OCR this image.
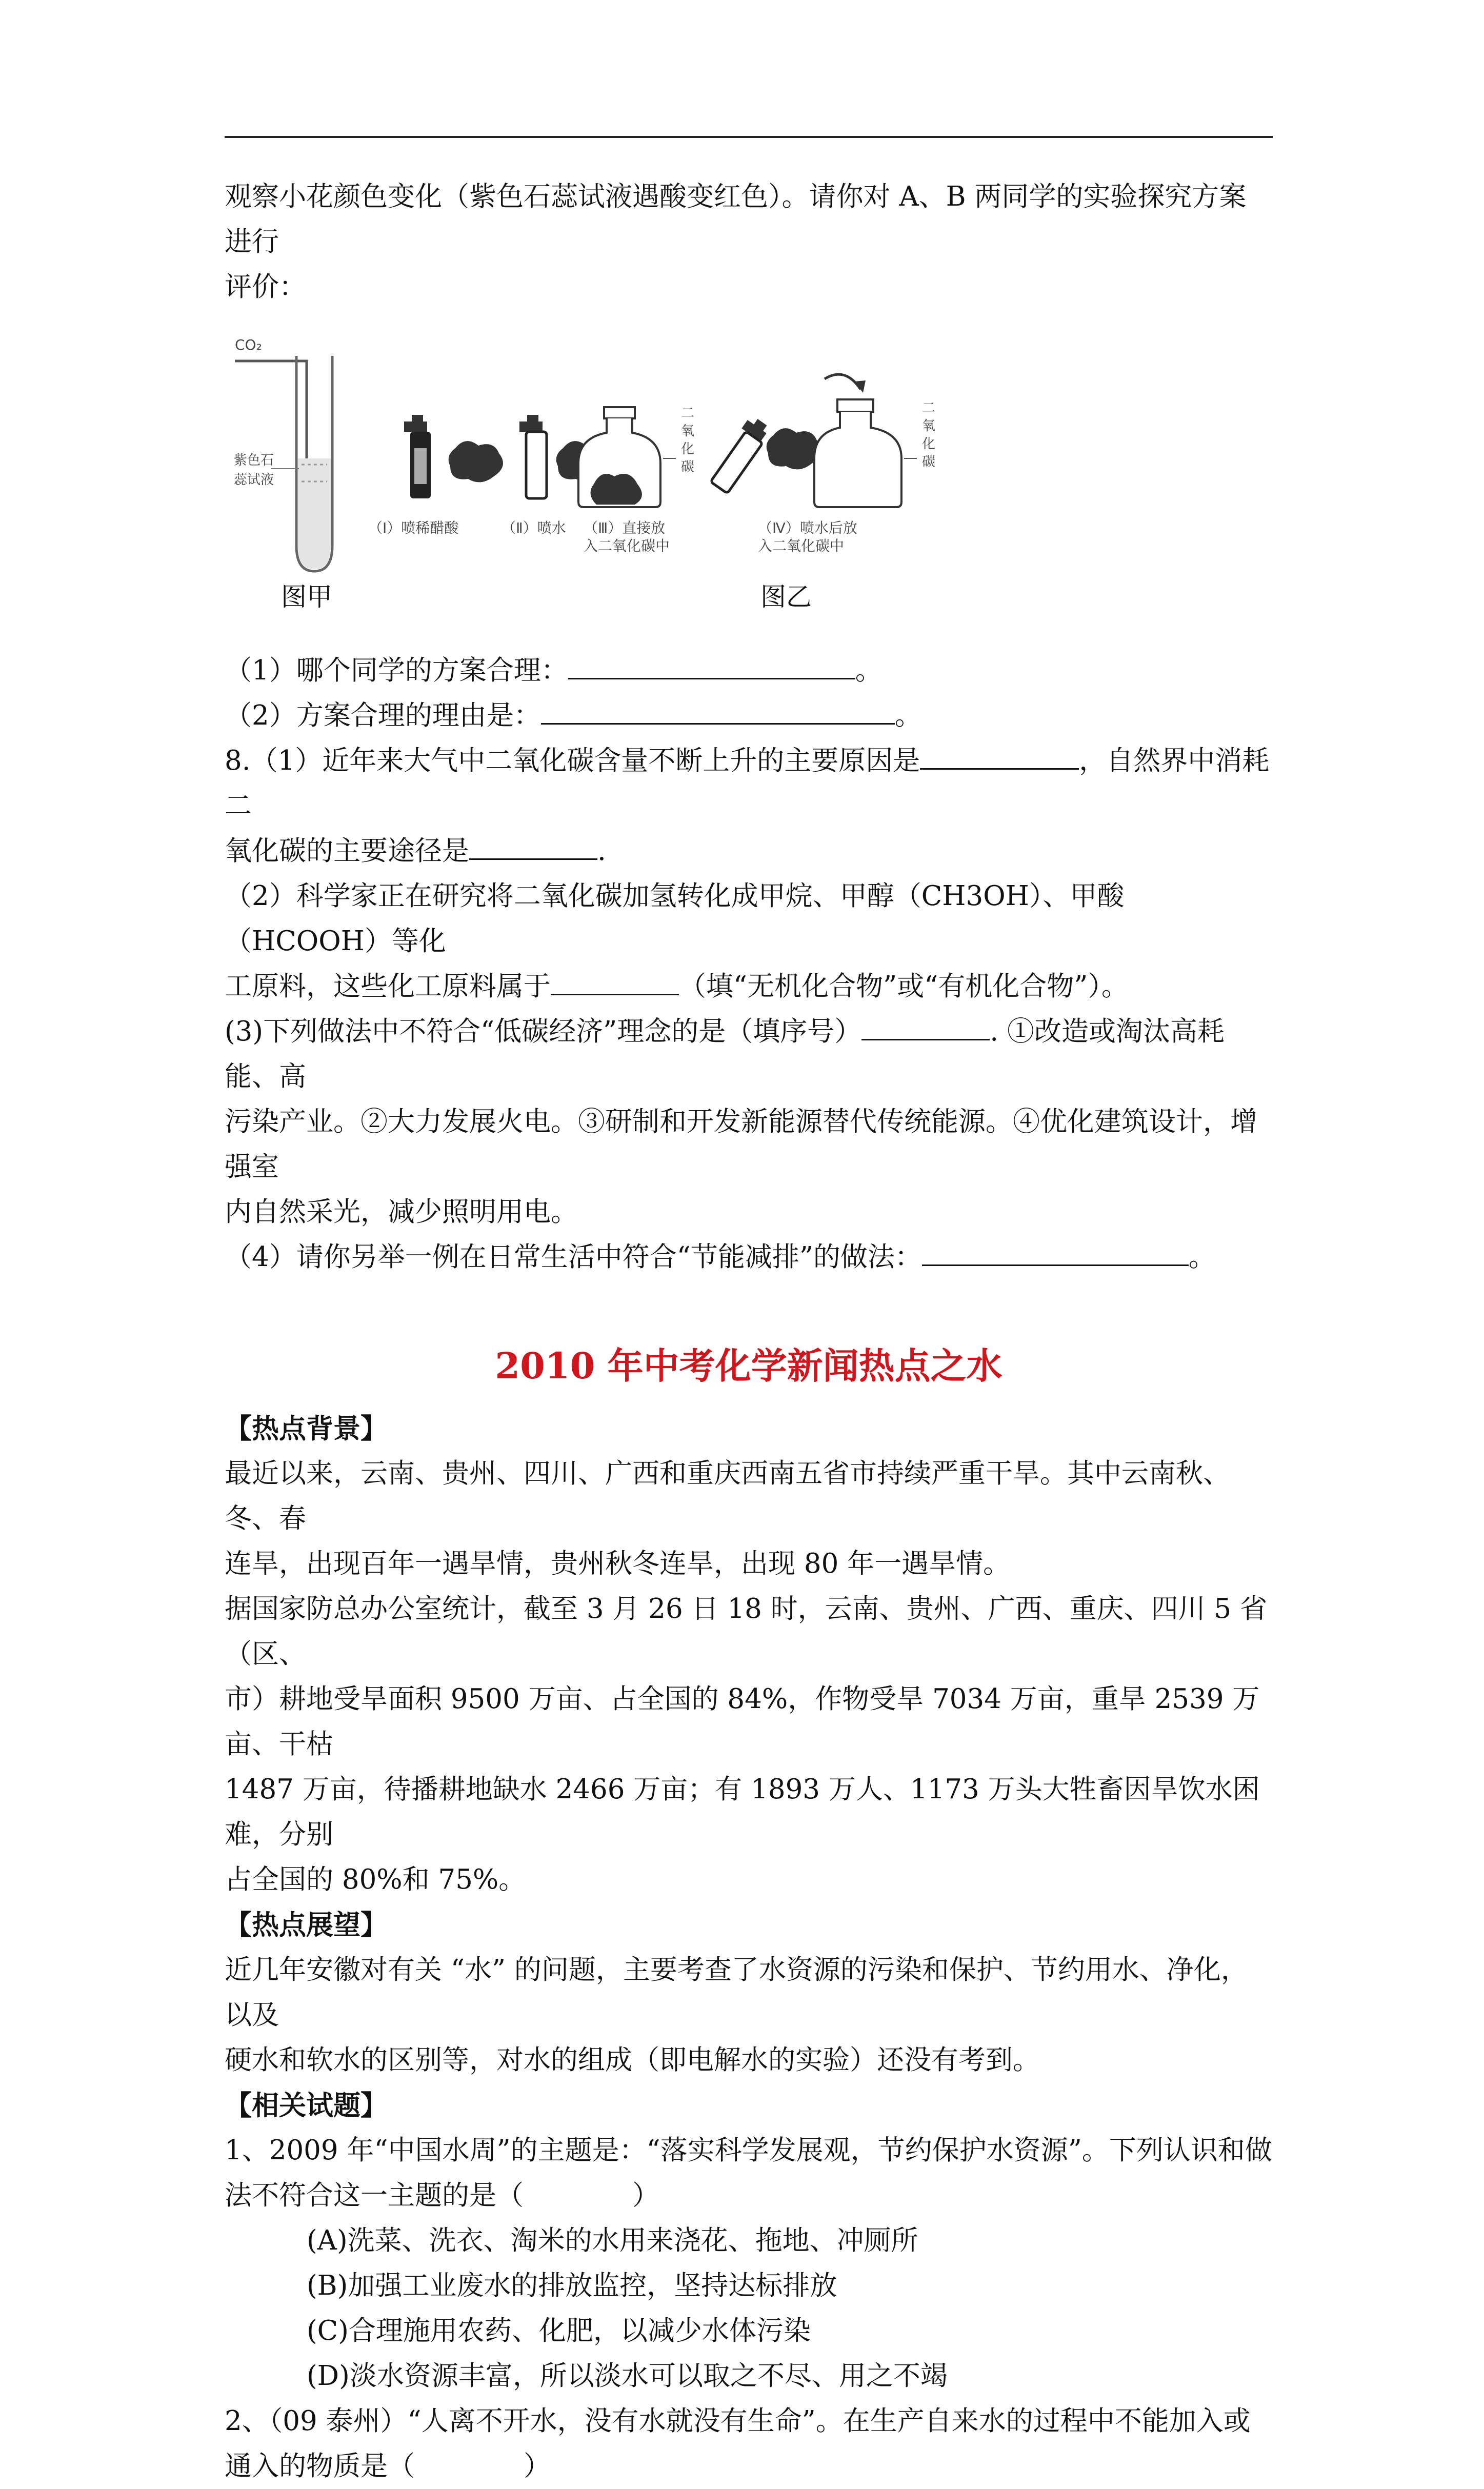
观察小花颜色变化（紫色石蕊试液遇酸变红色）。请你对 A、B 两同学的实验探究方案进行

评价：

CO₂
紫色石
蕊试液
（Ⅰ）喷稀醋酸	（Ⅱ）喷水 （Ⅲ）直接放
入二氧化碳中
二
氧
化
碳
（Ⅳ）喷水后放
入二氧化碳中
二
氧
化
碳
图甲	图乙

（1）哪个同学的方案合理：	。

（2）方案合理的理由是：	。

8.（1）近年来大气中二氧化碳含量不断上升的主要原因是	，自然界中消耗二

氧化碳的主要途径是	.

（2）科学家正在研究将二氧化碳加氢转化成甲烷、甲醇（CH3OH）、甲酸（HCOOH）等化

工原料，这些化工原料属于	（填“无机化合物”或“有机化合物”）。

(3)下列做法中不符合“低碳经济”理念的是（填序号）	. ①改造或淘汰高耗能、高

污染产业。②大力发展火电。③研制和开发新能源替代传统能源。④优化建筑设计，增强室

内自然采光，减少照明用电。

（4）请你另举一例在日常生活中符合“节能减排”的做法：	。

2010 年中考化学新闻热点之水

【热点背景】

最近以来，云南、贵州、四川、广西和重庆西南五省市持续严重干旱。其中云南秋、冬、春

连旱，出现百年一遇旱情，贵州秋冬连旱，出现 80 年一遇旱情。

据国家防总办公室统计，截至 3 月 26 日 18 时，云南、贵州、广西、重庆、四川 5 省（区、

市）耕地受旱面积 9500 万亩、占全国的 84%，作物受旱 7034 万亩，重旱 2539 万亩、干枯

1487 万亩，待播耕地缺水 2466 万亩；有 1893 万人、1173 万头大牲畜因旱饮水困难，分别

占全国的 80%和 75%。

【热点展望】

近几年安徽对有关 “水” 的问题，主要考查了水资源的污染和保护、节约用水、净化，以及

硬水和软水的区别等，对水的组成（即电解水的实验）还没有考到。

【相关试题】

1、2009 年“中国水周”的主题是：“落实科学发展观，节约保护水资源”。下列认识和做

法不符合这一主题的是（　　　　）

(A)洗菜、洗衣、淘米的水用来浇花、拖地、冲厕所

(B)加强工业废水的排放监控，坚持达标排放

(C)合理施用农药、化肥，以减少水体污染

(D)淡水资源丰富，所以淡水可以取之不尽、用之不竭

2、（09 泰州）“人离不开水，没有水就没有生命”。在生产自来水的过程中不能加入或

通入的物质是（　　　　）
